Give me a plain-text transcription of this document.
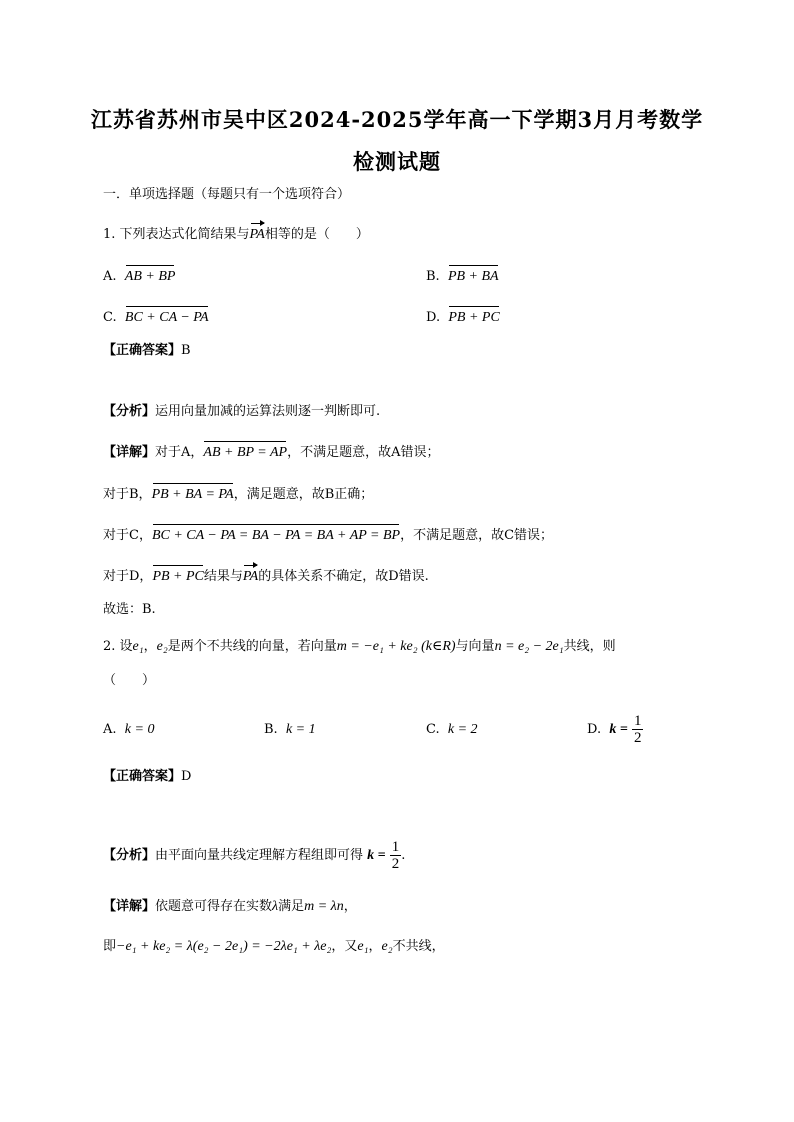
江苏省苏州市吴中区2024-2025学年高一下学期3月月考数学
检测试题
一．单项选择题（每题只有一个选项符合）
1. 下列表达式化简结果与PA相等的是（　　）
A. AB + BP	B. PB + BA
C. BC + CA − PA	D. PB + PC
【正确答案】B
【分析】运用向量加减的运算法则逐一判断即可.
【详解】对于A，AB + BP = AP，不满足题意，故A错误；
对于B，PB + BA = PA，满足题意，故B正确；
对于C，BC + CA − PA = BA − PA = BA + AP = BP，不满足题意，故C错误；
对于D，PB + PC结果与PA的具体关系不确定，故D错误.
故选：B.
2. 设e₁，e₂是两个不共线的向量，若向量m = −e₁ + ke₂ (k∈R)与向量n = e₂ − 2e₁共线，则
（　　）
A. k = 0	B. k = 1	C. k = 2	D. $k = \frac{1}{2}$
【正确答案】D
【分析】由平面向量共线定理解方程组即可得 $k = \frac{1}{2}$ .
【详解】依题意可得存在实数λ满足m = λn，
即−e₁ + ke₂ = λ(e₂ − 2e₁) = −2λe₁ + λe₂，又e₁，e₂不共线，
